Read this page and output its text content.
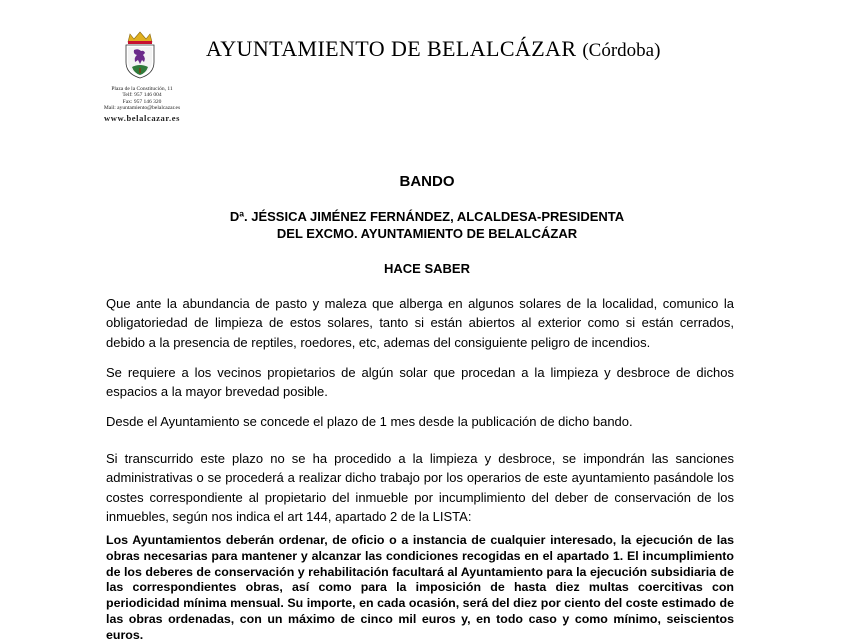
Plaza de la Constitución, 11
Telf: 957 146 004
Fax: 957 146 320
Mail: ayuntamiento@belalcazar.es
www.belalcazar.es
AYUNTAMIENTO DE BELALCÁZAR (Córdoba)
BANDO
Dª. JÉSSICA JIMÉNEZ FERNÁNDEZ, ALCALDESA-PRESIDENTA
DEL EXCMO. AYUNTAMIENTO DE BELALCÁZAR
HACE SABER
Que ante la abundancia de pasto y maleza que alberga en algunos solares de la localidad, comunico la obligatoriedad de limpieza de estos solares, tanto si están abiertos al exterior como si están cerrados, debido a la presencia de reptiles, roedores, etc, ademas del consiguiente peligro de incendios.
Se requiere a los vecinos propietarios de algún solar que procedan a la limpieza y desbroce de dichos espacios a la mayor brevedad posible.
Desde el Ayuntamiento se concede el plazo de 1 mes desde la publicación de dicho bando.
Si transcurrido este plazo no se ha procedido a la limpieza y desbroce, se impondrán las sanciones administrativas o se procederá a realizar dicho trabajo por los operarios de este ayuntamiento pasándole los costes correspondiente al propietario del inmueble por incumplimiento del deber de conservación de los inmuebles, según nos indica el art 144, apartado 2 de la LISTA:
Los Ayuntamientos deberán ordenar, de oficio o a instancia de cualquier interesado, la ejecución de las obras necesarias para mantener y alcanzar las condiciones recogidas en el apartado 1. El incumplimiento de los deberes de conservación y rehabilitación facultará al Ayuntamiento para la ejecución subsidiaria de las correspondientes obras, así como para la imposición de hasta diez multas coercitivas con periodicidad mínima mensual. Su importe, en cada ocasión, será del diez por ciento del coste estimado de las obras ordenadas, con un máximo de cinco mil euros y, en todo caso y como mínimo, seiscientos euros.
